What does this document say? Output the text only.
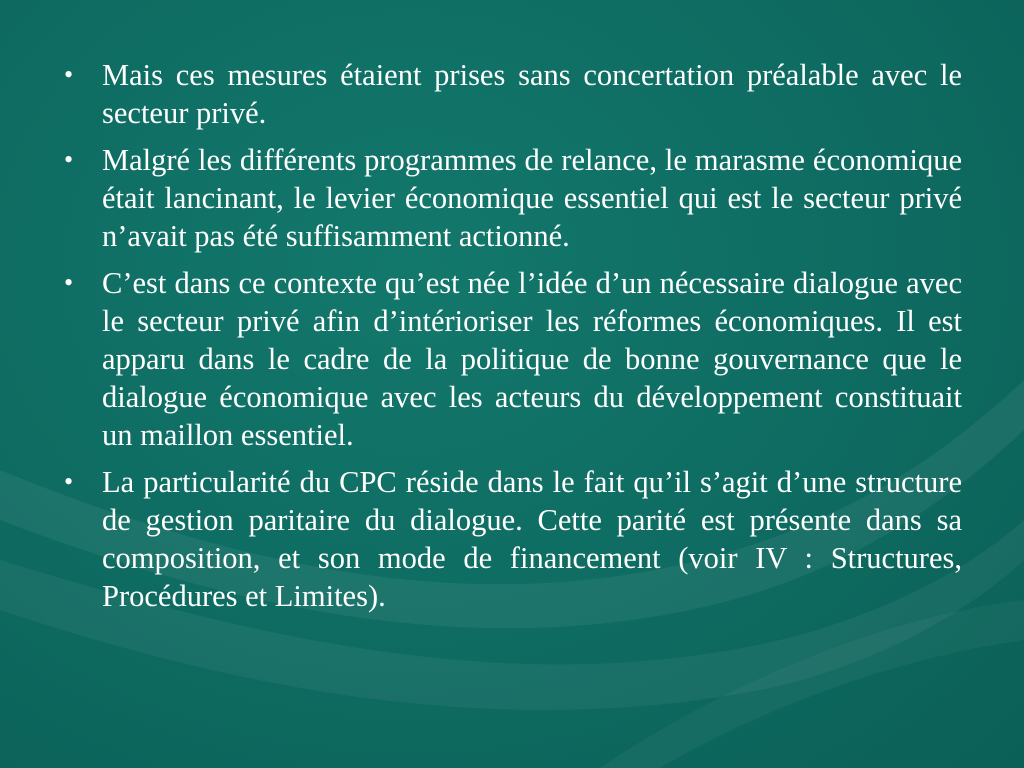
• Mais ces mesures étaient prises sans concertation préalable avec le secteur privé.
• Malgré les différents programmes de relance, le marasme économique était lancinant, le levier économique essentiel qui est le secteur privé n’avait pas été suffisamment actionné.
• C’est dans ce contexte qu’est née l’idée d’un nécessaire dialogue avec le secteur privé afin d’intérioriser les réformes économiques. Il est apparu dans le cadre de la politique de bonne gouvernance que le dialogue économique avec les acteurs du développement constituait un maillon essentiel.
• La particularité du CPC réside dans le fait qu’il s’agit d’une structure de gestion paritaire du dialogue. Cette parité est présente dans sa composition, et son mode de financement (voir IV : Structures, Procédures et Limites).
